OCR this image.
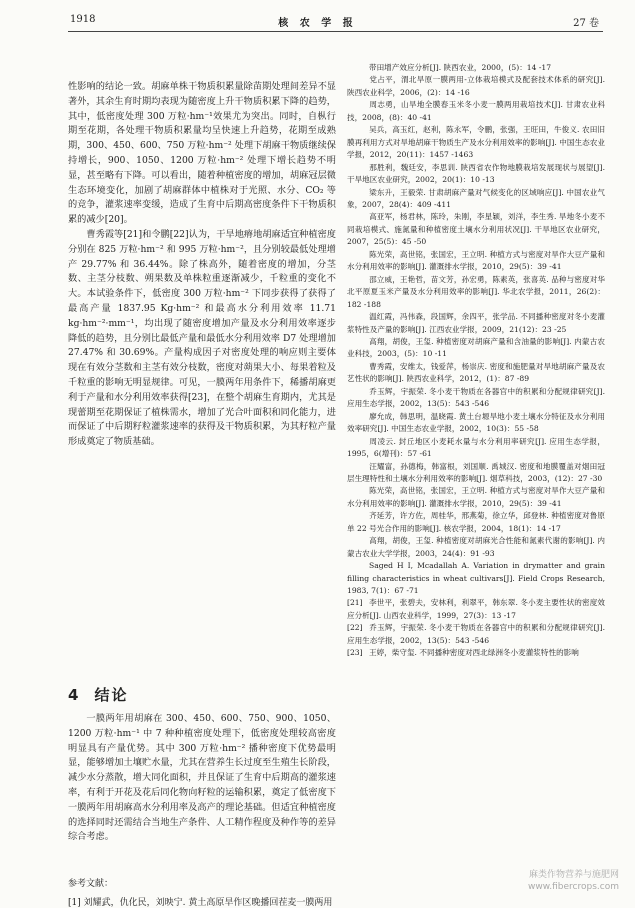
1918	核 农 学 报	27 卷

性影响的结论一致。胡麻单株干物质积累量除苗期处理间差异不显著外，其余生育时期均表现为随密度上升干物质积累下降的趋势，其中，低密度处理 300 万粒·hm⁻¹效果尤为突出。同时，自枞行期至花期，各处理干物质积累量均呈快速上升趋势，花期至成熟期，300、450、600、750 万粒·hm⁻² 处理下胡麻干物质继续保持增长，900、1050、1200 万粒·hm⁻² 处理下增长趋势不明显，甚至略有下降。可以看出，随着种植密度的增加，胡麻冠层微生态环境变化，加剧了胡麻群体中植株对于光照、水分、CO₂ 等的竞争，灌浆速率变缓，造成了生育中后期高密度条件下干物质积累的减少[20]。

曹秀霞等[21]和令鹏[22]认为，干旱地瘠地胡麻适宜种植密度分别在 825 万粒·hm⁻² 和 995 万粒·hm⁻²，且分别较最低处理增产 29.77% 和 36.44%。除了株高外，随着密度的增加，分茎数、主茎分枝数、朔果数及单株粒重逐渐减少，千粒重的变化不大。本试验条件下，低密度 300 万粒·hm⁻² 下同步获得了获得了最高产量 1837.95 Kg·hm⁻² 和最高水分利用效率 11.71 kg·hm⁻²·mm⁻¹，均出现了随密度增加产量及水分利用效率逐步降低的趋势，且分别比最低产量和最低水分利用效率 D7 处理增加 27.47% 和 30.69%。产量构成因子对密度处理的响应则主要体现在有效分茎数和主茎有效分枝数，密度对蒴果大小、每果着粒及千粒重的影响无明显规律。可见，一膜两年用条件下，稀播胡麻更利于产量和水分利用效率获得[23]，在整个胡麻生育期内，尤其是现蕾期至花期保证了植株需水，增加了光合叶面积和同化能力，进而保证了中后期籽粒灌浆速率的获得及干物质积累，为其籽粒产量形成奠定了物质基础。

4 结论

一膜两年用胡麻在 300、450、600、750、900、1050、1200 万粒·hm⁻¹ 中 7 种种植密度处理下，低密度处理较高密度明显具有产量优势。其中 300 万粒·hm⁻² 播种密度下优势最明显，能够增加土壤贮水量，尤其在营养生长过度至生殖生长阶段，减少水分蒸散，增大同化面积，并且保证了生育中后期高的灌浆速率，有利于开花及花后同化物向籽粒的运输积累，奠定了低密度下一膜两年用胡麻高水分利用率及高产的理论基础。但适宜种植密度的选择同时还需结合当地生产条件、人工精作程度及种作等的差异综合考虑。

参考文献：
[1] 刘耀武，仇化民，刘映宁. 黄土高原旱作区晚播回茬麦一膜两用
带田增产效应分析[J]. 陕西农业，2000，(5)：14 -17
党占平，渭北旱原一膜两用-立体栽培模式及配套技术体系的研究[J]. 陕西农业科学，2006，(2)：14 -16
周志勇，山旱地全膜春玉米冬小麦一膜两用栽培技术[J]. 甘肃农业科技，2008，(8)：40 -41
吴兵，高玉红，赵利，陈永军，令鹏，张强，王旺田，牛俊义. 农田旧膜再利用方式对旱地胡麻干物质生产及水分利用效率的影响[J]. 中国生态农业学报，2012，20(11)：1457 -1463
那胜利，魏廷安，李思训. 陕西省农作物地膜栽培发展现状与展望[J]. 干旱地区农业研究，2002，20(1)：10 -13
梁东升，王毅荣. 甘肃胡麻产量对气候变化的区域响应[J]. 中国农业气象，2007，28(4)：409 -411
高亚军，杨君林，陈玲，朱刚，李星颖，刘洋，李生秀. 旱地冬小麦不同栽培模式、施氮量和种植密度土壤水分利用状况[J]. 干旱地区农业研究，2007，25(5)：45 -50
陈光荣，高世铭，张国宏，王立明. 种植方式与密度对旱作大豆产量和水分利用效率的影响[J]. 灌溉排水学报，2010，29(5)：39 -41
邵立威，王艳哲，苗文芳，孙宏勇，陈素英，张喜英. 品种与密度对华北平原夏玉米产量及水分利用效率的影响[J]. 华北农学报，2011，26(2)：182 -188
温红霞，冯伟森，段国辉，余四平，张学品. 不同播种密度对冬小麦灌浆特性及产量的影响[J]. 江西农业学报，2009，21(12)：23 -25
高翔，胡俊，王玺. 种植密度对胡麻产量和含油量的影响[J]. 内蒙古农业科技，2003，(5)：10 -11
曹秀霞，安维太，钱爱萍，杨崇庆. 密度和施肥量对旱地胡麻产量及农艺性状的影响[J]. 陕西农业科学，2012，(1)：87 -89
乔玉辉，宇振荣. 冬小麦干物质在各器官中的积累和分配规律研究[J]. 应用生态学报，2002，13(5)：543 -546
廖允成，韩思明，温晓霞. 黄土台塬旱地小麦土壤水分特征及水分利用效率研究[J]. 中国生态农业学报，2002，10(3)：55 -58
周凌云. 封丘地区小麦耗水量与水分利用率研究[J]. 应用生态学报，1995，6(增刊)：57 -61
汪耀富，孙德梅，韩富根，刘国顺. 禹城汉. 密度和地膜覆盖对烟田冠层生理特性和土壤水分利用效率的影响[J]. 烟草科技，2003，(12)：27 -30
陈光荣，高世铭，张国宏，王立明. 种植方式与密度对旱作大豆产量和水分利用效率的影响[J]. 灌溉排水学报，2010，29(5)：39 -41
齐延芳，许方佐，周桂华，邢燕菊，徐立华，邱登林. 种植密度对鲁原单 22 号光合作用的影响[J]. 核农学报，2004，18(1)：14 -17
高翔，胡俊，王玺. 种植密度对胡麻光合性能和氮素代谢的影响[J]. 内蒙古农业大学学报，2003，24(4)：91 -93
Saged H I, Mcadallah A. Variation in drymatter and grain filling characteristics in wheat cultivars[J]. Field Crops Research, 1983, 7(1)：67 -71
[21] 李世平，张碧夫，安林利，利翠平，韩东翠. 冬小麦主要性状的密度效应分析[J]. 山西农业科学，1999，27(3)：13 -17
[22] 乔玉辉，宇振荣. 冬小麦干物质在各器官中的积累和分配规律研究[J]. 应用生态学报，2002，13(5)：543 -546
[23] 王婷，柴守玺. 不同播种密度对西北绿洲冬小麦灌浆特性的影响
麻类作物营养与施肥网
www.fibercrops.com
